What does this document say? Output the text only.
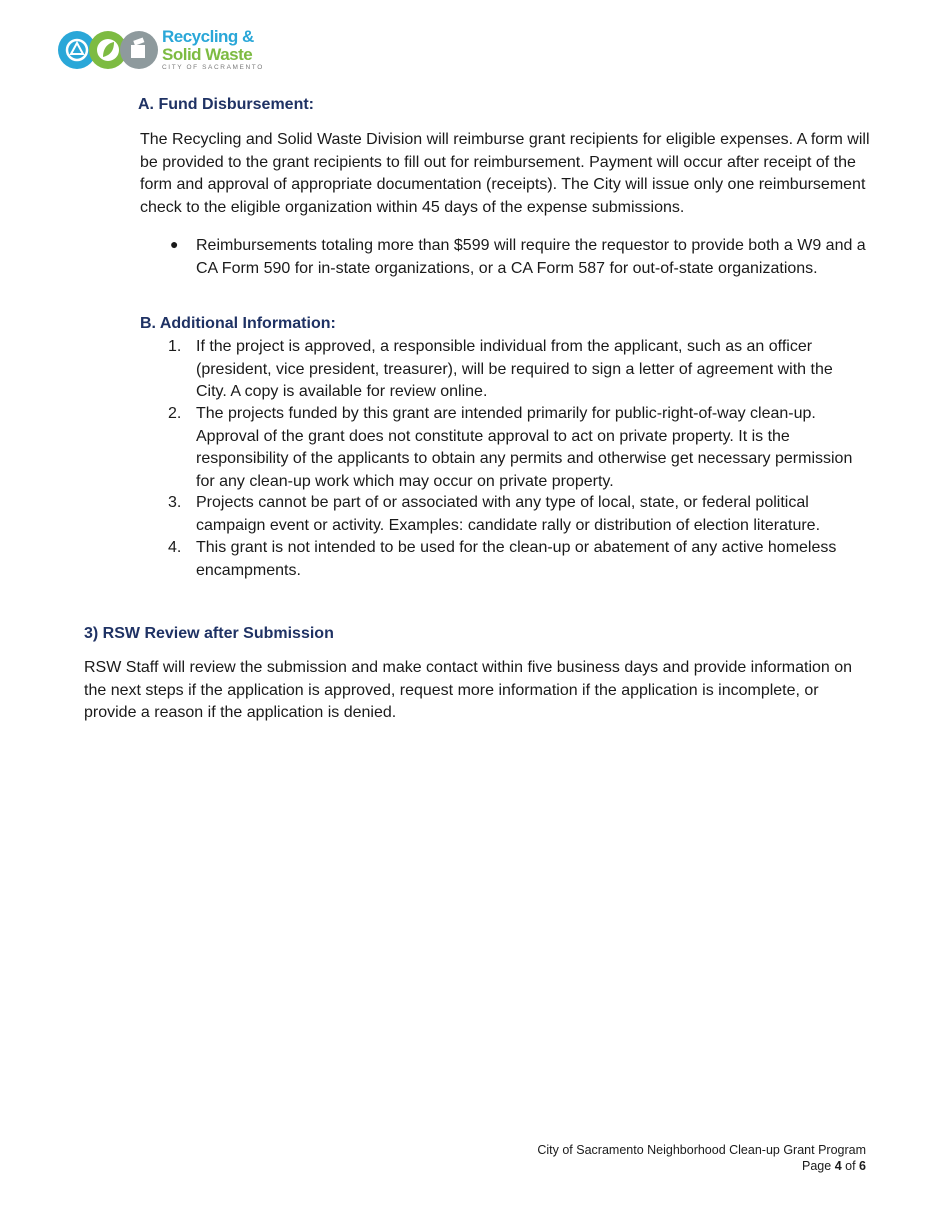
Recycling &
Solid Waste
CITY OF SACRAMENTO
A. Fund Disbursement:
The Recycling and Solid Waste Division will reimburse grant recipients for eligible expenses. A form will be provided to the grant recipients to fill out for reimbursement. Payment will occur after receipt of the form and approval of appropriate documentation (receipts). The City will issue only one reimbursement check to the eligible organization within 45 days of the expense submissions.
● Reimbursements totaling more than $599 will require the requestor to provide both a W9 and a CA Form 590 for in-state organizations, or a CA Form 587 for out-of-state organizations.
B. Additional Information:
1. If the project is approved, a responsible individual from the applicant, such as an officer (president, vice president, treasurer), will be required to sign a letter of agreement with the City. A copy is available for review online.
2. The projects funded by this grant are intended primarily for public-right-of-way clean-up. Approval of the grant does not constitute approval to act on private property. It is the responsibility of the applicants to obtain any permits and otherwise get necessary permission for any clean-up work which may occur on private property.
3. Projects cannot be part of or associated with any type of local, state, or federal political campaign event or activity. Examples: candidate rally or distribution of election literature.
4. This grant is not intended to be used for the clean-up or abatement of any active homeless encampments.
3) RSW Review after Submission
RSW Staff will review the submission and make contact within five business days and provide information on the next steps if the application is approved, request more information if the application is incomplete, or provide a reason if the application is denied.
City of Sacramento Neighborhood Clean-up Grant Program
Page 4 of 6
